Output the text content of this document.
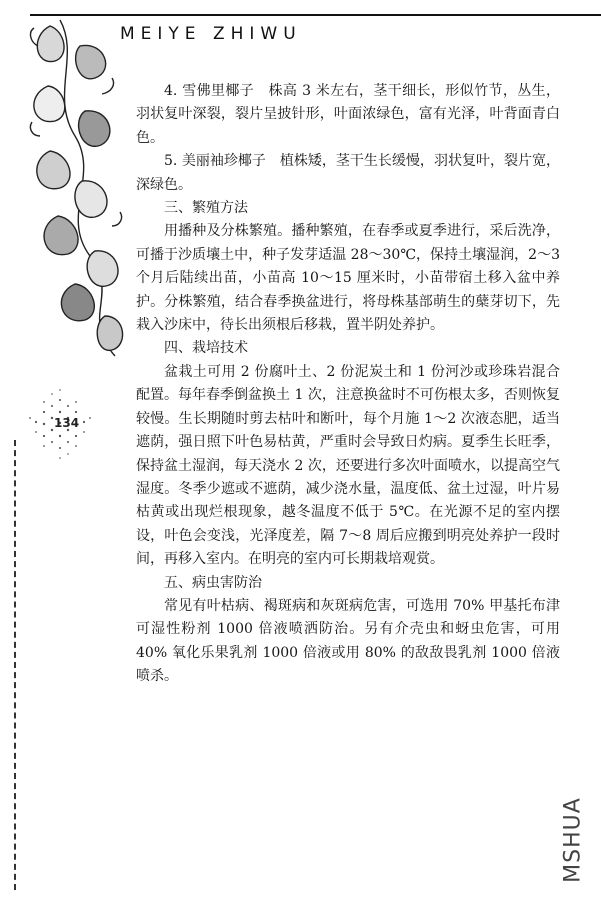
MEIYE ZHIWU
134

4. 雪佛里椰子　株高 3 米左右，茎干细长，形似竹节，丛生，羽状复叶深裂，裂片呈披针形，叶面浓绿色，富有光泽，叶背面青白色。

5. 美丽袖珍椰子　植株矮，茎干生长缓慢，羽状复叶，裂片宽，深绿色。

三、繁殖方法

用播种及分株繁殖。播种繁殖，在春季或夏季进行，采后洗净，可播于沙质壤土中，种子发芽适温 28～30℃，保持土壤湿润，2～3 个月后陆续出苗，小苗高 10～15 厘米时，小苗带宿土移入盆中养护。分株繁殖，结合春季换盆进行，将母株基部萌生的蘖芽切下，先栽入沙床中，待长出须根后移栽，置半阴处养护。

四、栽培技术

盆栽土可用 2 份腐叶土、2 份泥炭土和 1 份河沙或珍珠岩混合配置。每年春季倒盆换土 1 次，注意换盆时不可伤根太多，否则恢复较慢。生长期随时剪去枯叶和断叶，每个月施 1～2 次液态肥，适当遮荫，强日照下叶色易枯黄，严重时会导致日灼病。夏季生长旺季，保持盆土湿润，每天浇水 2 次，还要进行多次叶面喷水，以提高空气湿度。冬季少遮或不遮荫，减少浇水量，温度低、盆土过湿，叶片易枯黄或出现烂根现象，越冬温度不低于 5℃。在光源不足的室内摆设，叶色会变浅，光泽度差，隔 7～8 周后应搬到明亮处养护一段时间，再移入室内。在明亮的室内可长期栽培观赏。

五、病虫害防治

常见有叶枯病、褐斑病和灰斑病危害，可选用 70% 甲基托布津可湿性粉剂 1000 倍液喷洒防治。另有介壳虫和蚜虫危害，可用 40% 氧化乐果乳剂 1000 倍液或用 80% 的敌敌畏乳剂 1000 倍液喷杀。

MSHUA
